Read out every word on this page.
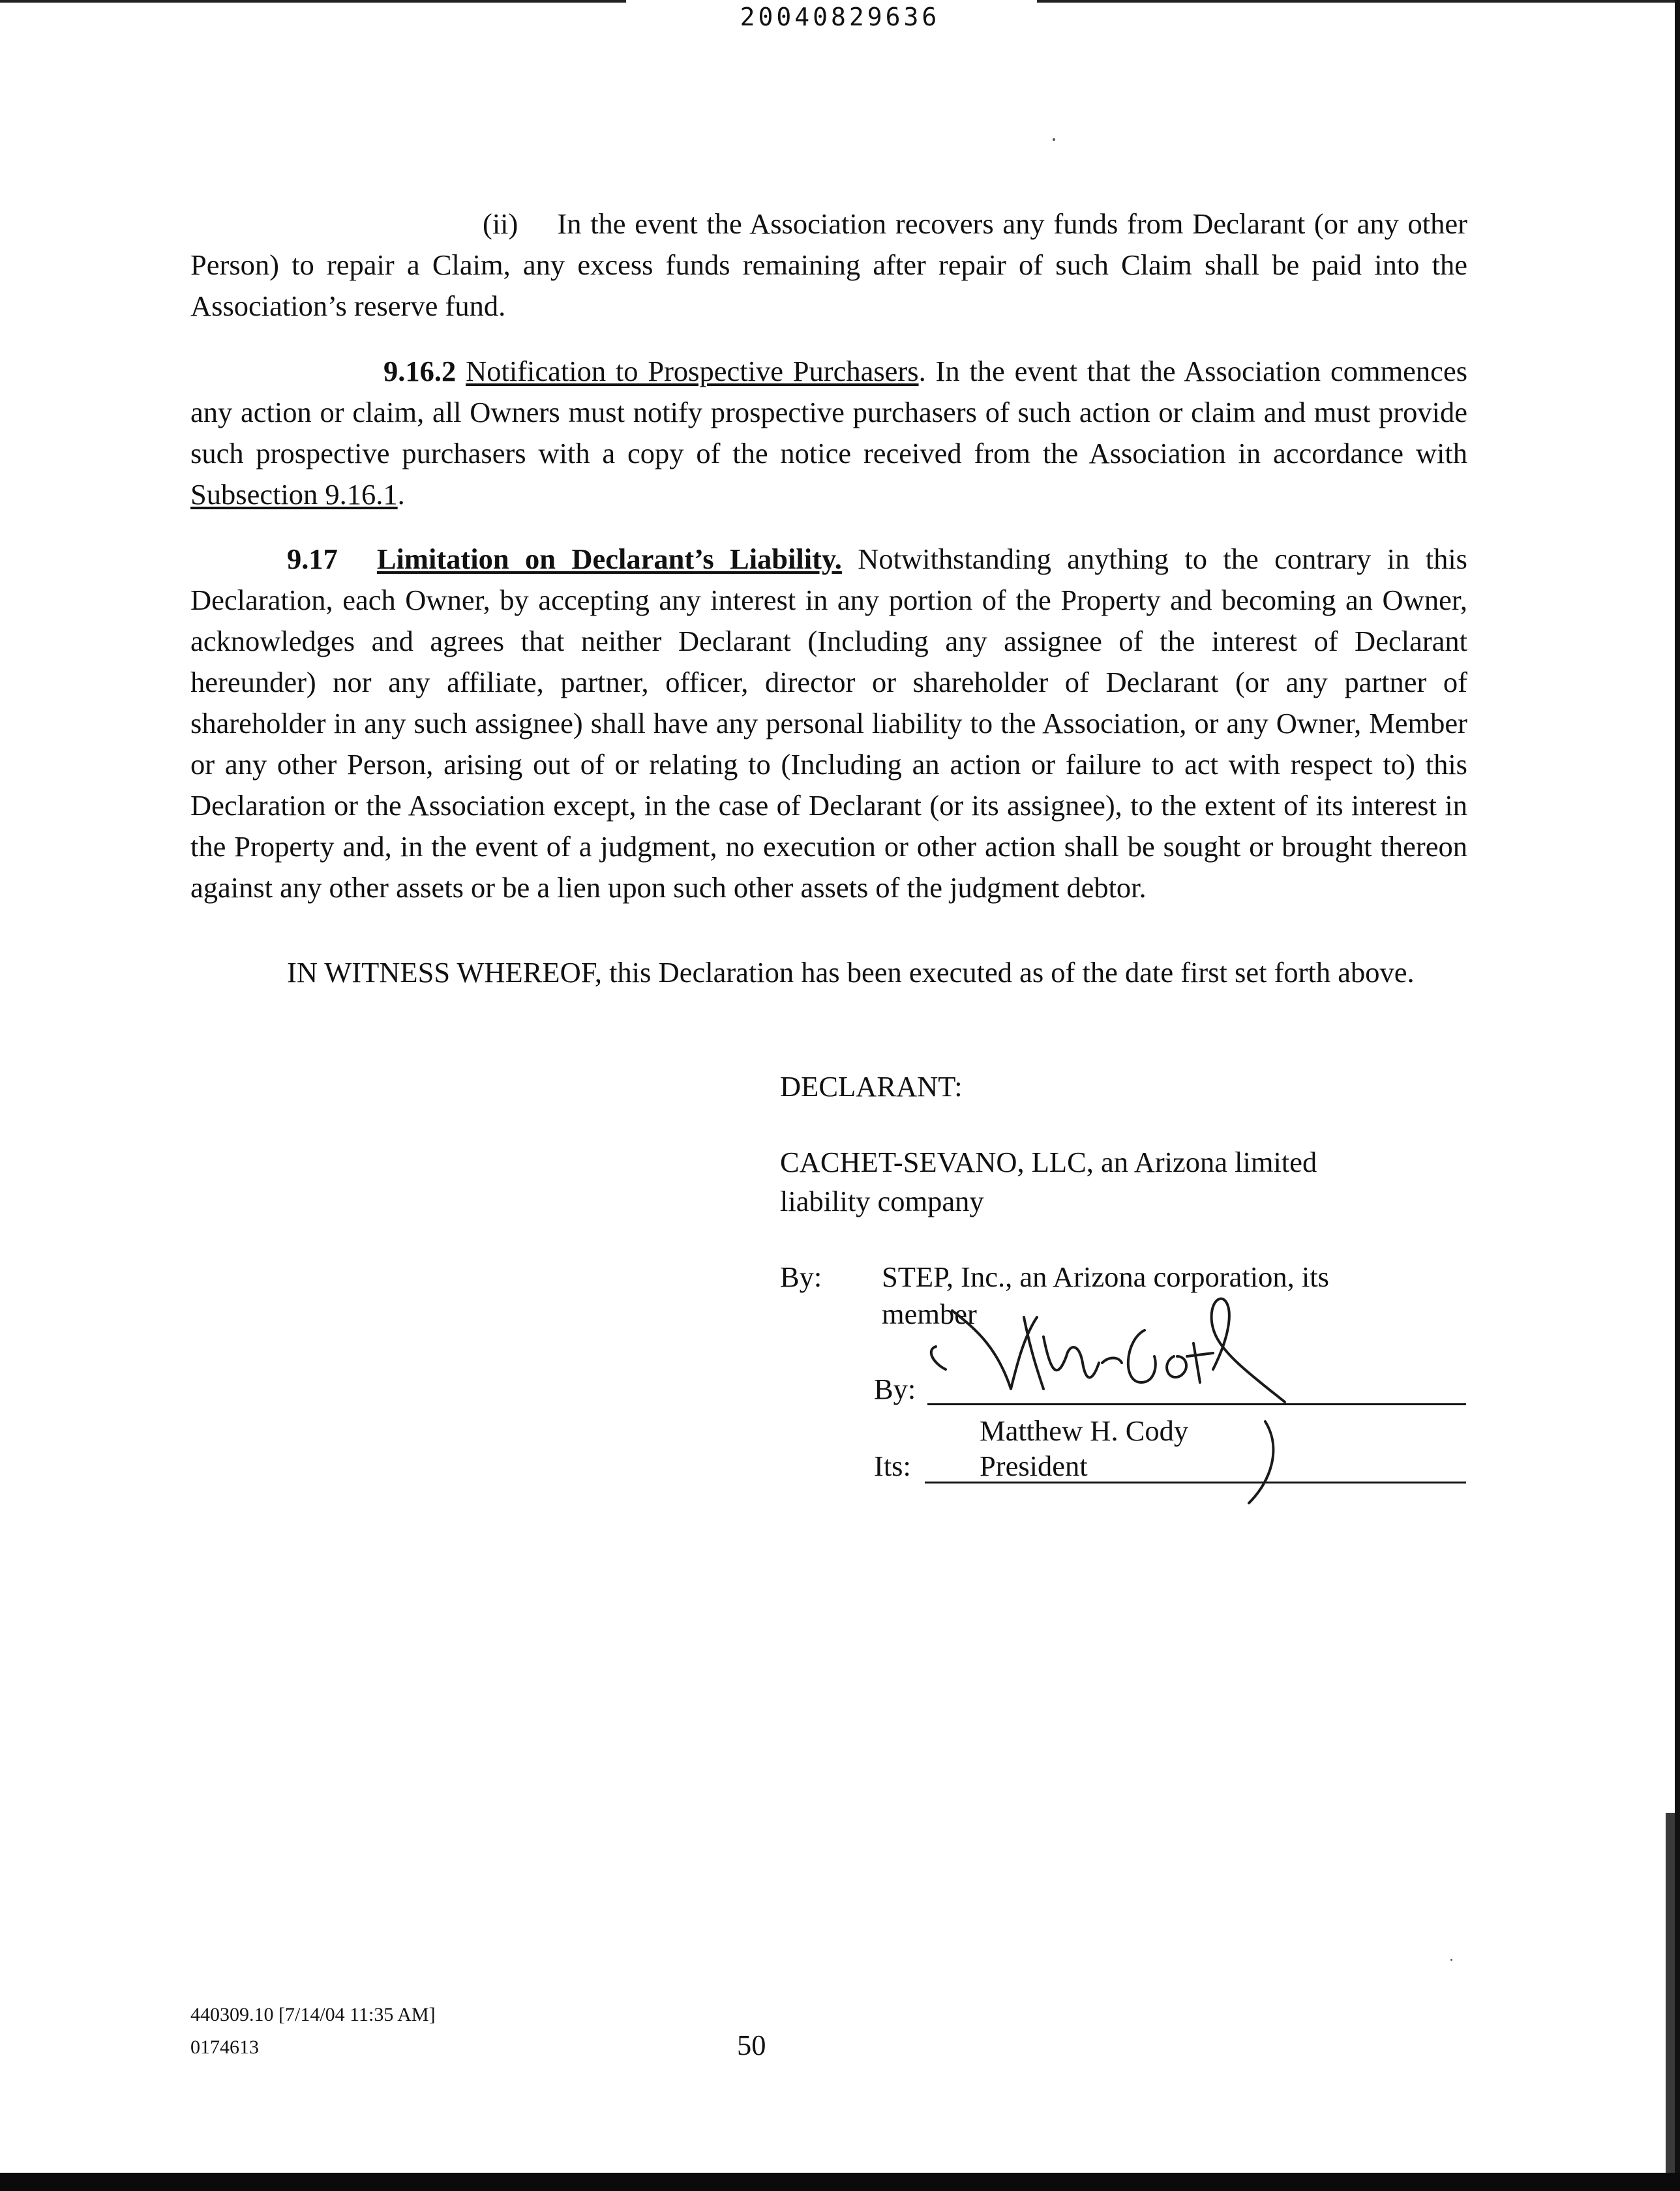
20040829636
(ii) In the event the Association recovers any funds from Declarant (or any other Person) to repair a Claim, any excess funds remaining after repair of such Claim shall be paid into the Association’s reserve fund.
9.16.2 Notification to Prospective Purchasers. In the event that the Association commences any action or claim, all Owners must notify prospective purchasers of such action or claim and must provide such prospective purchasers with a copy of the notice received from the Association in accordance with Subsection 9.16.1.
9.17 Limitation on Declarant’s Liability. Notwithstanding anything to the contrary in this Declaration, each Owner, by accepting any interest in any portion of the Property and becoming an Owner, acknowledges and agrees that neither Declarant (Including any assignee of the interest of Declarant hereunder) nor any affiliate, partner, officer, director or shareholder of Declarant (or any partner of shareholder in any such assignee) shall have any personal liability to the Association, or any Owner, Member or any other Person, arising out of or relating to (Including an action or failure to act with respect to) this Declaration or the Association except, in the case of Declarant (or its assignee), to the extent of its interest in the Property and, in the event of a judgment, no execution or other action shall be sought or brought thereon against any other assets or be a lien upon such other assets of the judgment debtor.
IN WITNESS WHEREOF, this Declaration has been executed as of the date first set forth above.
DECLARANT:
CACHET-SEVANO, LLC, an Arizona limited
liability company
By: STEP, Inc., an Arizona corporation, its
member
By:
Matthew H. Cody
Its: President
440309.10 [7/14/04 11:35 AM]
0174613	50
